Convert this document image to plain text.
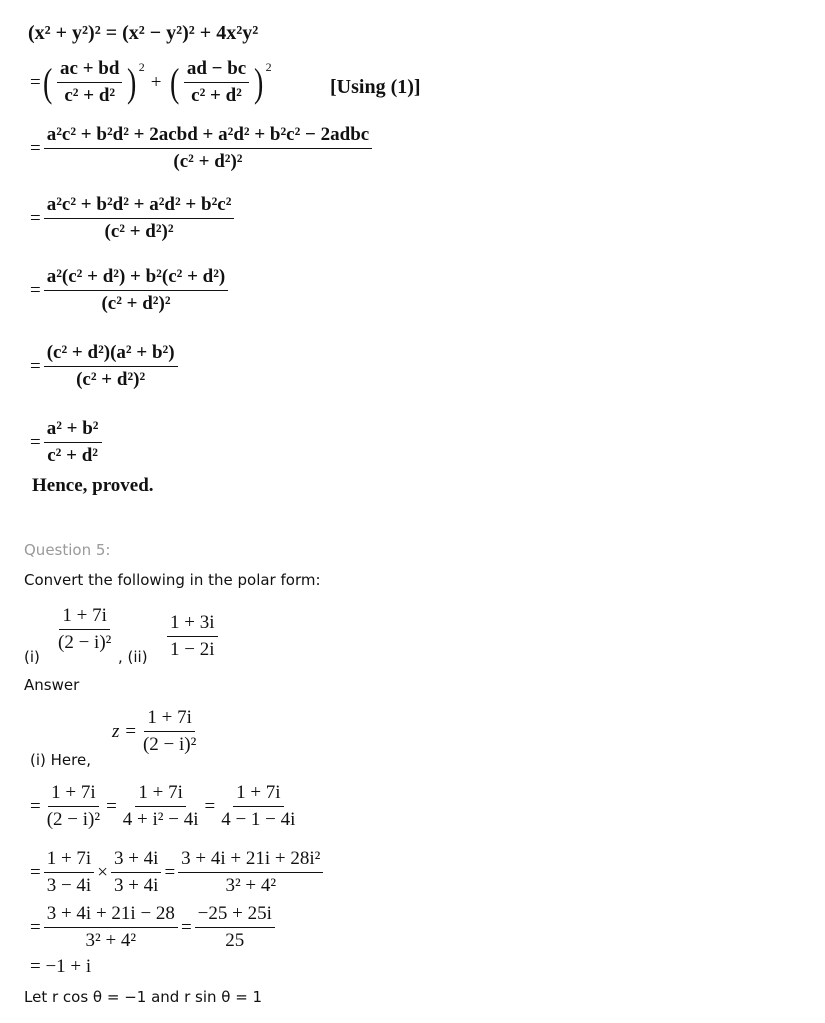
(x² + y²)² = (x² − y²)² + 4x²y²
= ( $\frac{ac + bd}{\text{c² + d²}}$ ) 2
+ ( $\frac{ad - bc}{\text{c² + d²}}$ ) 2
[Using (1)]
= $\frac{\text{a²c² + b²d² + 2acbd + a²d² + b²c² − 2adbc}}{\text{(c² + d²)²}}$
= $\frac{\text{a²c² + b²d² + a²d² + b²c²}}{\text{(c² + d²)²}}$
= $\frac{\text{a²(c² + d²) + b²(c² + d²)}}{\text{(c² + d²)²}}$
= $\frac{\text{(c² + d²)(a² + b²)}}{\text{(c² + d²)²}}$
= $\frac{\text{a² + b²}}{\text{c² + d²}}$
Hence, proved.
Question 5:
Convert the following in the polar form:
(i)
$\frac{1 + 7i}{\text{(2 − i)²}}$
, $(ii) \frac{1 + 3i}{1 - 2i}$
Answer
$z = \frac{1 + 7i}{\text{(2 − i)²}}$
(i) Here,
= $\frac{1 + 7i}{\text{(2 − i)²}} = \frac{1 + 7i}{\text{4 + i² − 4i}} = \frac{1 + 7i}{4 - 1 - 4i}$
= $\frac{1 + 7i}{3 - 4i} \times \frac{3 + 4i}{3 + 4i} = \frac{\text{3 + 4i + 21i + 28i²}}{\text{3² + 4²}}$
= $\frac{3 + 4i + 21i - 28}{\text{3² + 4²}} = \frac{-25 + 25i}{25}$
= −1 + i
Let r cos θ = −1 and r sin θ = 1
